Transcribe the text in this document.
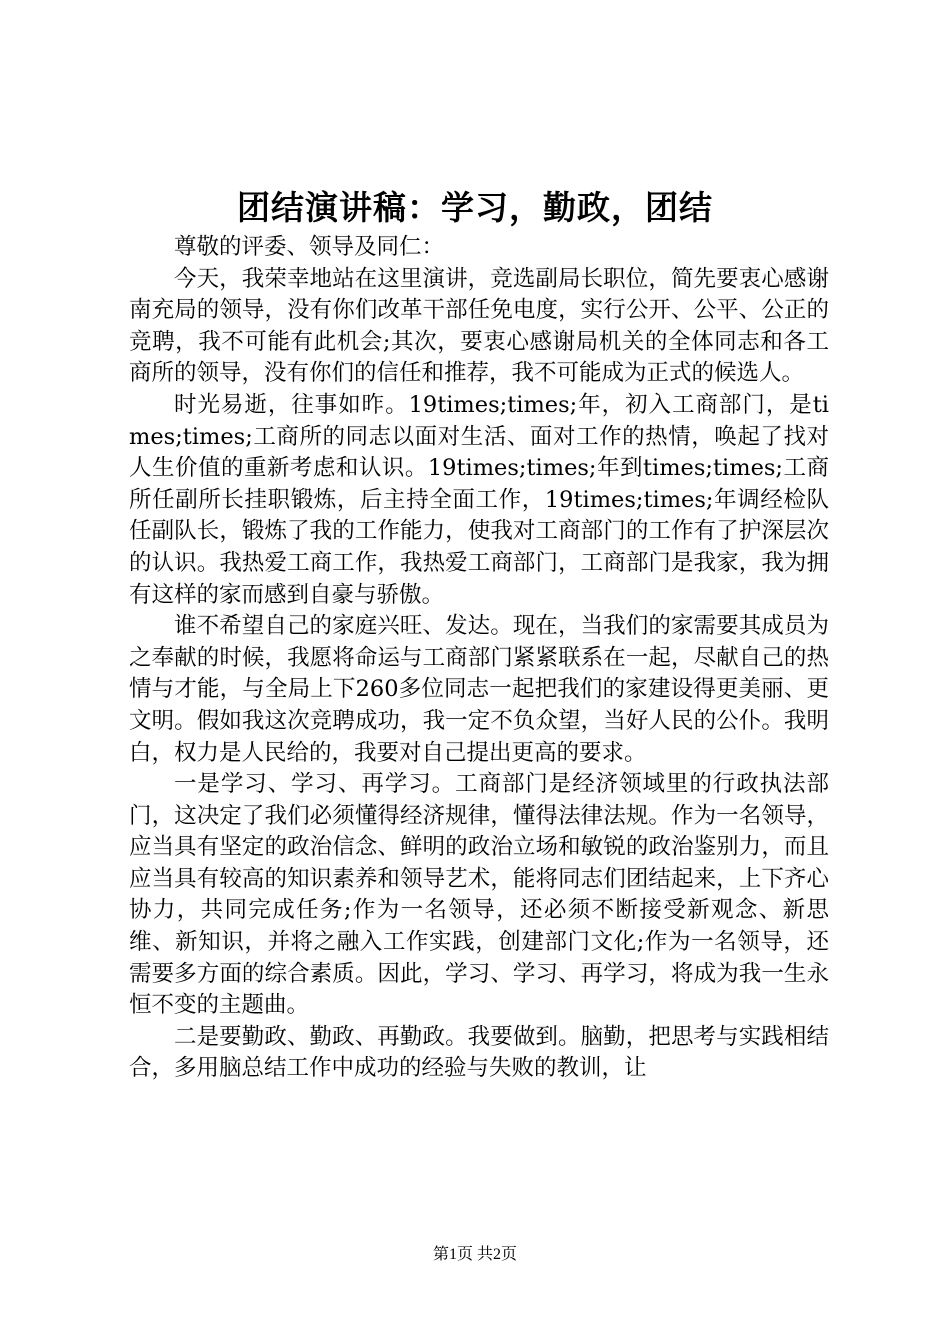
团结演讲稿：学习，勤政，团结

尊敬的评委、领导及同仁：

今天，我荣幸地站在这里演讲，竞选副局长职位，简先要衷心感谢南充局的领导，没有你们改革干部任免电度，实行公开、公平、公正的竞聘，我不可能有此机会;其次，要衷心感谢局机关的全体同志和各工商所的领导，没有你们的信任和推荐，我不可能成为正式的候选人。

时光易逝，往事如昨。19times;times;年，初入工商部门，是times;times;工商所的同志以面对生活、面对工作的热情，唤起了找对人生价值的重新考虑和认识。19times;times;年到times;times;工商所任副所长挂职锻炼，后主持全面工作，19times;times;年调经检队任副队长，锻炼了我的工作能力，使我对工商部门的工作有了护深层次的认识。我热爱工商工作，我热爱工商部门，工商部门是我家，我为拥有这样的家而感到自豪与骄傲。

谁不希望自己的家庭兴旺、发达。现在，当我们的家需要其成员为之奉献的时候，我愿将命运与工商部门紧紧联系在一起，尽献自己的热情与才能，与全局上下260多位同志一起把我们的家建设得更美丽、更文明。假如我这次竞聘成功，我一定不负众望，当好人民的公仆。我明白，权力是人民给的，我要对自己提出更高的要求。

一是学习、学习、再学习。工商部门是经济领域里的行政执法部门，这决定了我们必须懂得经济规律，懂得法律法规。作为一名领导，应当具有坚定的政治信念、鲜明的政治立场和敏锐的政治鉴别力，而且应当具有较高的知识素养和领导艺术，能将同志们团结起来，上下齐心协力，共同完成任务;作为一名领导，还必须不断接受新观念、新思维、新知识，并将之融入工作实践，创建部门文化;作为一名领导，还需要多方面的综合素质。因此，学习、学习、再学习，将成为我一生永恒不变的主题曲。

二是要勤政、勤政、再勤政。我要做到。脑勤，把思考与实践相结合，多用脑总结工作中成功的经验与失败的教训，让

第1页 共2页
